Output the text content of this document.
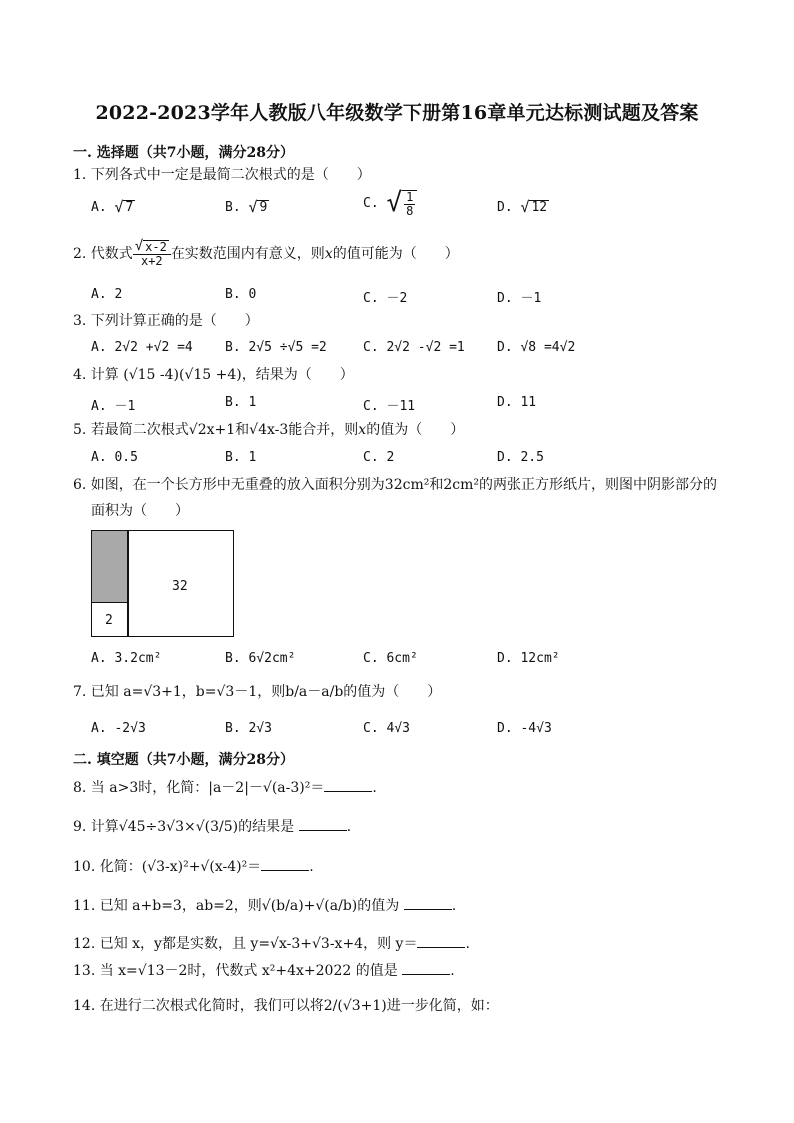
2022-2023学年人教版八年级数学下册第16章单元达标测试题及答案
一. 选择题（共7小题，满分28分）
1. 下列各式中一定是最简二次根式的是（　　）
A. √ 7	B. √ 9	C. √ $\frac{1}{8}$	D. √ 12
2. 代数式 $\frac{√ x-2}{x+2}$ 在实数范围内有意义，则x的值可能为（　　）
A. 2	B. 0	C. －2	D. －1
3. 下列计算正确的是（　　）
A. 2√2 +√2 =4 B. 2√5 ÷√5 =2	C. 2√2 -√2 =1 D. √8 =4√2
4. 计算 (√15 -4)(√15 +4)，结果为（　　）
A. －1	B. 1	C. －11	D. 11
5. 若最简二次根式√2x+1和√4x-3能合并，则x的值为（　　）
A. 0.5	B. 1	C. 2	D. 2.5
6. 如图，在一个长方形中无重叠的放入面积分别为32cm²和2cm²的两张正方形纸片，则图中阴影部分的
面积为（　　）
32
2
A. 3.2cm²	B. 6√2cm²	C. 6cm²	D. 12cm²
7. 已知 a=√3+1，b=√3－1，则b/a－a/b的值为（　　）
A. -2√3	B. 2√3	C. 4√3	D. -4√3
二. 填空题（共7小题，满分28分）
8. 当 a>3时，化简：|a－2|－√(a-3)²＝	.
9. 计算√45÷3√3×√(3/5)的结果是	.
10. 化简：(√3-x)²+√(x-4)²＝	.
11. 已知 a+b=3，ab=2，则√(b/a)+√(a/b)的值为	.
12. 已知 x，y都是实数，且 y=√x-3+√3-x+4，则 y＝	.
13. 当 x=√13－2时，代数式 x²+4x+2022 的值是	.
14. 在进行二次根式化简时，我们可以将2/(√3+1)进一步化简，如：
